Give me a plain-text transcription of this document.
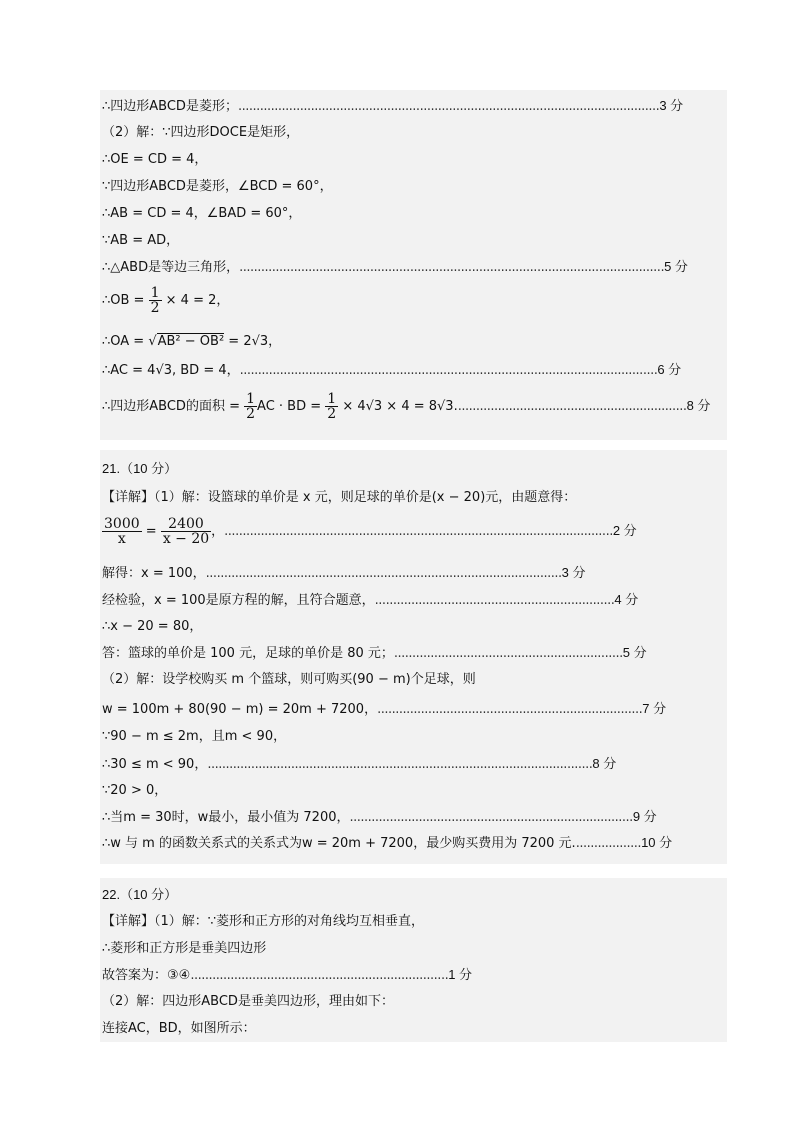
∴四边形ABCD是菱形；....................................................................................................................3 分
（2）解：∵四边形DOCE是矩形，
∴OE = CD = 4，
∵四边形ABCD是菱形，∠BCD = 60°，
∴AB = CD = 4，∠BAD = 60°，
∵AB = AD，
∴△ABD是等边三角形，.....................................................................................................................5 分
∴OB = $\frac{1}{2} \times 4 = 2$，
∴OA = √AB² − OB² = 2√3，
∴AC = 4√3, BD = 4，...................................................................................................................6 分
∴四边形ABCD的面积 = $\frac{1}{2}$ AC · BD = $\frac{1}{2} \times 4√3 \times 4 = 8√3................................................................8$ 分
21.（10 分）
【详解】（1）解：设篮球的单价是 x 元，则足球的单价是(x − 20)元，由题意得：
$\frac{3000}{x} = \frac{2400}{x - 20}$ ，...........................................................................................................2 分
解得：x = 100，..................................................................................................3 分
经检验，x = 100是原方程的解，且符合题意，..................................................................4 分
∴x − 20 = 80，
答：篮球的单价是 100 元，足球的单价是 80 元；...............................................................5 分
（2）解：设学校购买 m 个篮球，则可购买(90 − m)个足球，则
w = 100m + 80(90 − m) = 20m + 7200，.........................................................................7 分
∵90 − m ≤ 2m，且m < 90，
∴30 ≤ m < 90，..........................................................................................................8 分
∵20 > 0，
∴当m = 30时，w最小，最小值为 7200，..............................................................................9 分
∴w 与 m 的函数关系式的关系式为w = 20m + 7200，最少购买费用为 7200 元...................10 分
22.（10 分）
【详解】（1）解：∵菱形和正方形的对角线均互相垂直，
∴菱形和正方形是垂美四边形
故答案为：③④.......................................................................1 分
（2）解：四边形ABCD是垂美四边形，理由如下：
连接AC，BD，如图所示：
